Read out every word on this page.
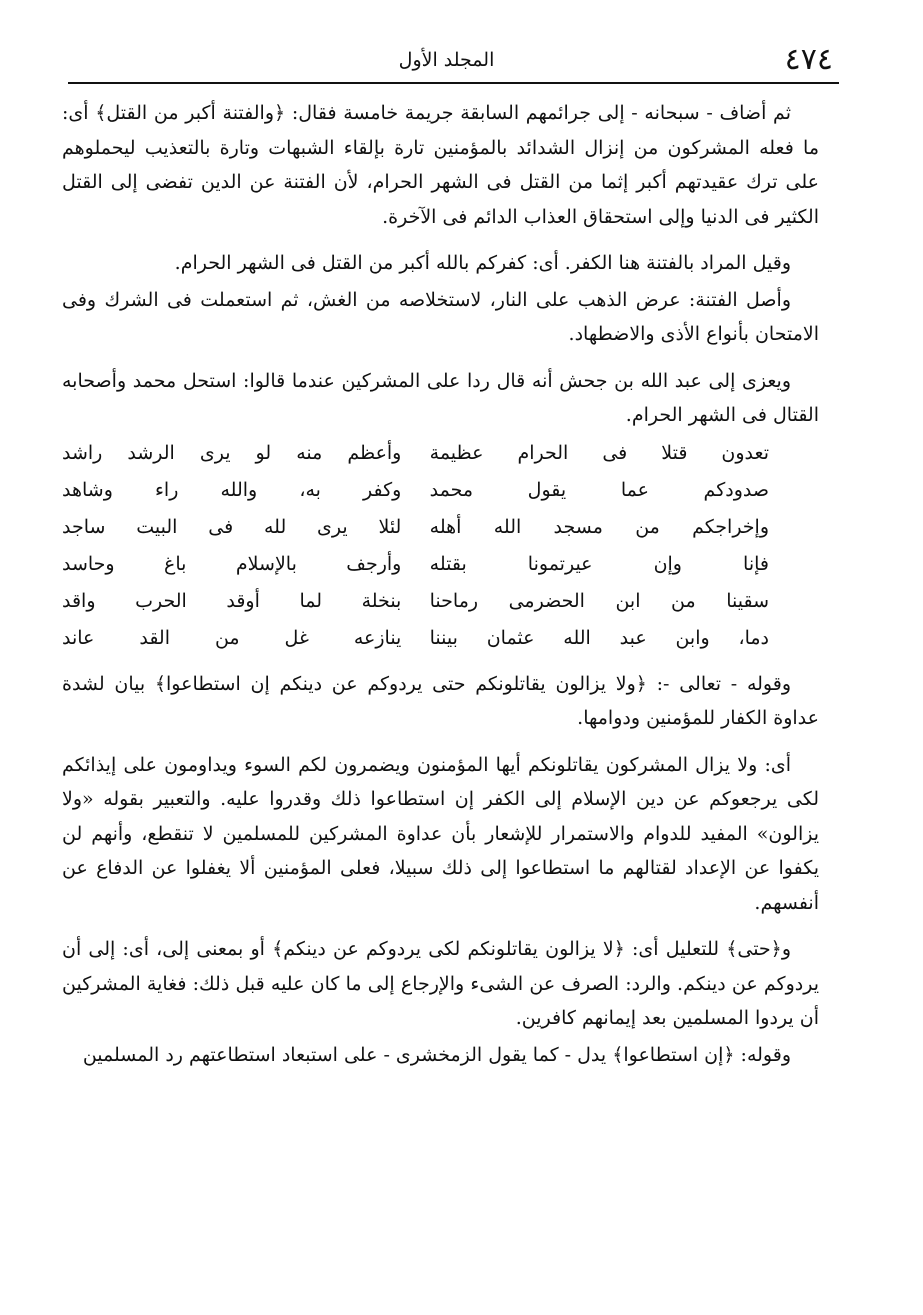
٤٧٤
المجلد الأول

ثم أضاف - سبحانه - إلى جرائمهم السابقة جريمة خامسة فقال: ﴿والفتنة أكبر من القتل﴾ أى: ما فعله المشركون من إنزال الشدائد بالمؤمنين تارة بإلقاء الشبهات وتارة بالتعذيب ليحملوهم على ترك عقيدتهم أكبر إثما من القتل فى الشهر الحرام، لأن الفتنة عن الدين تفضى إلى القتل الكثير فى الدنيا وإلى استحقاق العذاب الدائم فى الآخرة.

وقيل المراد بالفتنة هنا الكفر. أى: كفركم بالله أكبر من القتل فى الشهر الحرام.

وأصل الفتنة: عرض الذهب على النار، لاستخلاصه من الغش، ثم استعملت فى الشرك وفى الامتحان بأنواع الأذى والاضطهاد.

ويعزى إلى عبد الله بن جحش أنه قال ردا على المشركين عندما قالوا: استحل محمد وأصحابه القتال فى الشهر الحرام.

تعدون قتلا فى الحرام عظيمة
وأعظم منه لو يرى الرشد راشد
صدودكم عما يقول محمد
وكفر به، والله راء وشاهد
وإخراجكم من مسجد الله أهله
لئلا يرى لله فى البيت ساجد
فإنا وإن عيرتمونا بقتله
وأرجف بالإسلام باغ وحاسد
سقينا من ابن الحضرمى رماحنا
بنخلة لما أوقد الحرب واقد
دما، وابن عبد الله عثمان بيننا
ينازعه غل من القد عاند

وقوله - تعالى -: ﴿ولا يزالون يقاتلونكم حتى يردوكم عن دينكم إن استطاعوا﴾ بيان لشدة عداوة الكفار للمؤمنين ودوامها.

أى: ولا يزال المشركون يقاتلونكم أيها المؤمنون ويضمرون لكم السوء ويداومون على إيذائكم لكى يرجعوكم عن دين الإسلام إلى الكفر إن استطاعوا ذلك وقدروا عليه. والتعبير بقوله «ولا يزالون» المفيد للدوام والاستمرار للإشعار بأن عداوة المشركين للمسلمين لا تنقطع، وأنهم لن يكفوا عن الإعداد لقتالهم ما استطاعوا إلى ذلك سبيلا، فعلى المؤمنين ألا يغفلوا عن الدفاع عن أنفسهم.

و﴿حتى﴾ للتعليل أى: ﴿لا يزالون يقاتلونكم لكى يردوكم عن دينكم﴾ أو بمعنى إلى، أى: إلى أن يردوكم عن دينكم. والرد: الصرف عن الشىء والإرجاع إلى ما كان عليه قبل ذلك: فغاية المشركين أن يردوا المسلمين بعد إيمانهم كافرين.

وقوله: ﴿إن استطاعوا﴾ يدل - كما يقول الزمخشرى - على استبعاد استطاعتهم رد المسلمين
